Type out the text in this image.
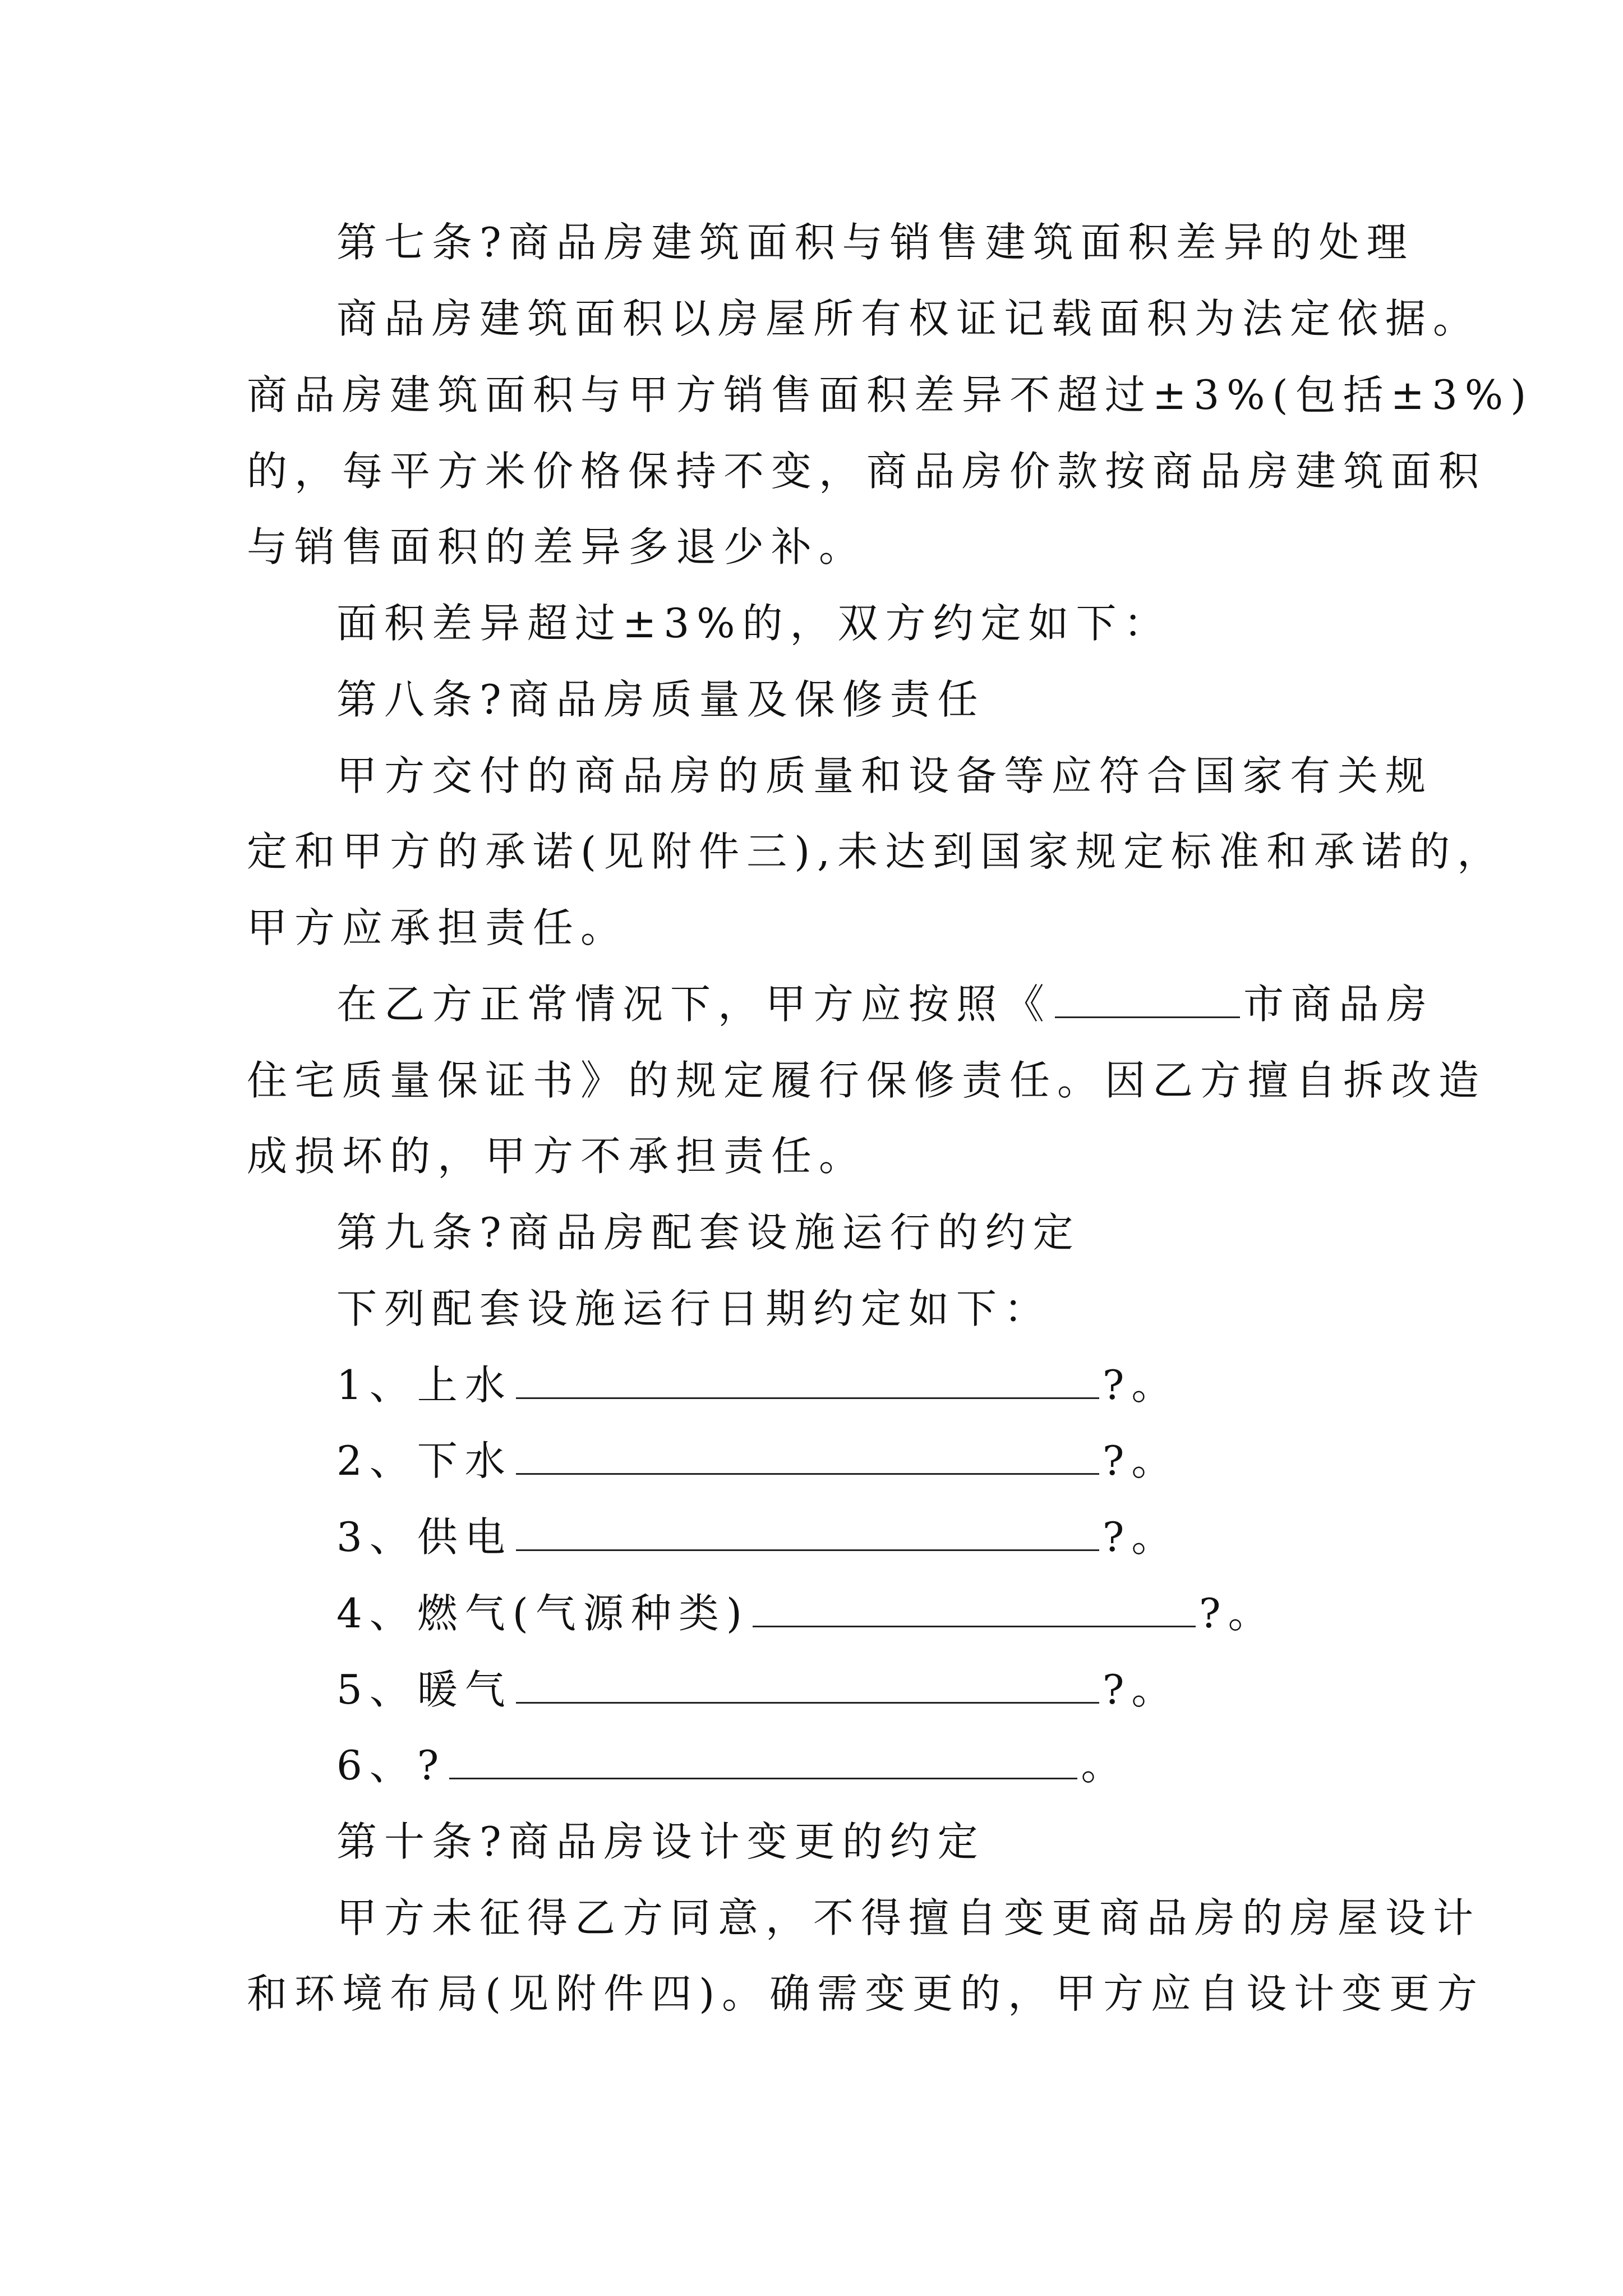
第七条?商品房建筑面积与销售建筑面积差异的处理
商品房建筑面积以房屋所有权证记载面积为法定依据。
商品房建筑面积与甲方销售面积差异不超过±3%(包括±3%)
的，每平方米价格保持不变，商品房价款按商品房建筑面积
与销售面积的差异多退少补。
面积差异超过±3%的，双方约定如下：
第八条?商品房质量及保修责任
甲方交付的商品房的质量和设备等应符合国家有关规
定和甲方的承诺(见附件三),未达到国家规定标准和承诺的，
甲方应承担责任。
在乙方正常情况下，甲方应按照《	市商品房
住宅质量保证书》的规定履行保修责任。因乙方擅自拆改造
成损坏的，甲方不承担责任。
第九条?商品房配套设施运行的约定
下列配套设施运行日期约定如下：
1、上水	?。
2、下水	?。
3、供电	?。
4、燃气(气源种类)	?。
5、暖气	?。
6、?	。
第十条?商品房设计变更的约定
甲方未征得乙方同意，不得擅自变更商品房的房屋设计
和环境布局(见附件四)。确需变更的，甲方应自设计变更方
